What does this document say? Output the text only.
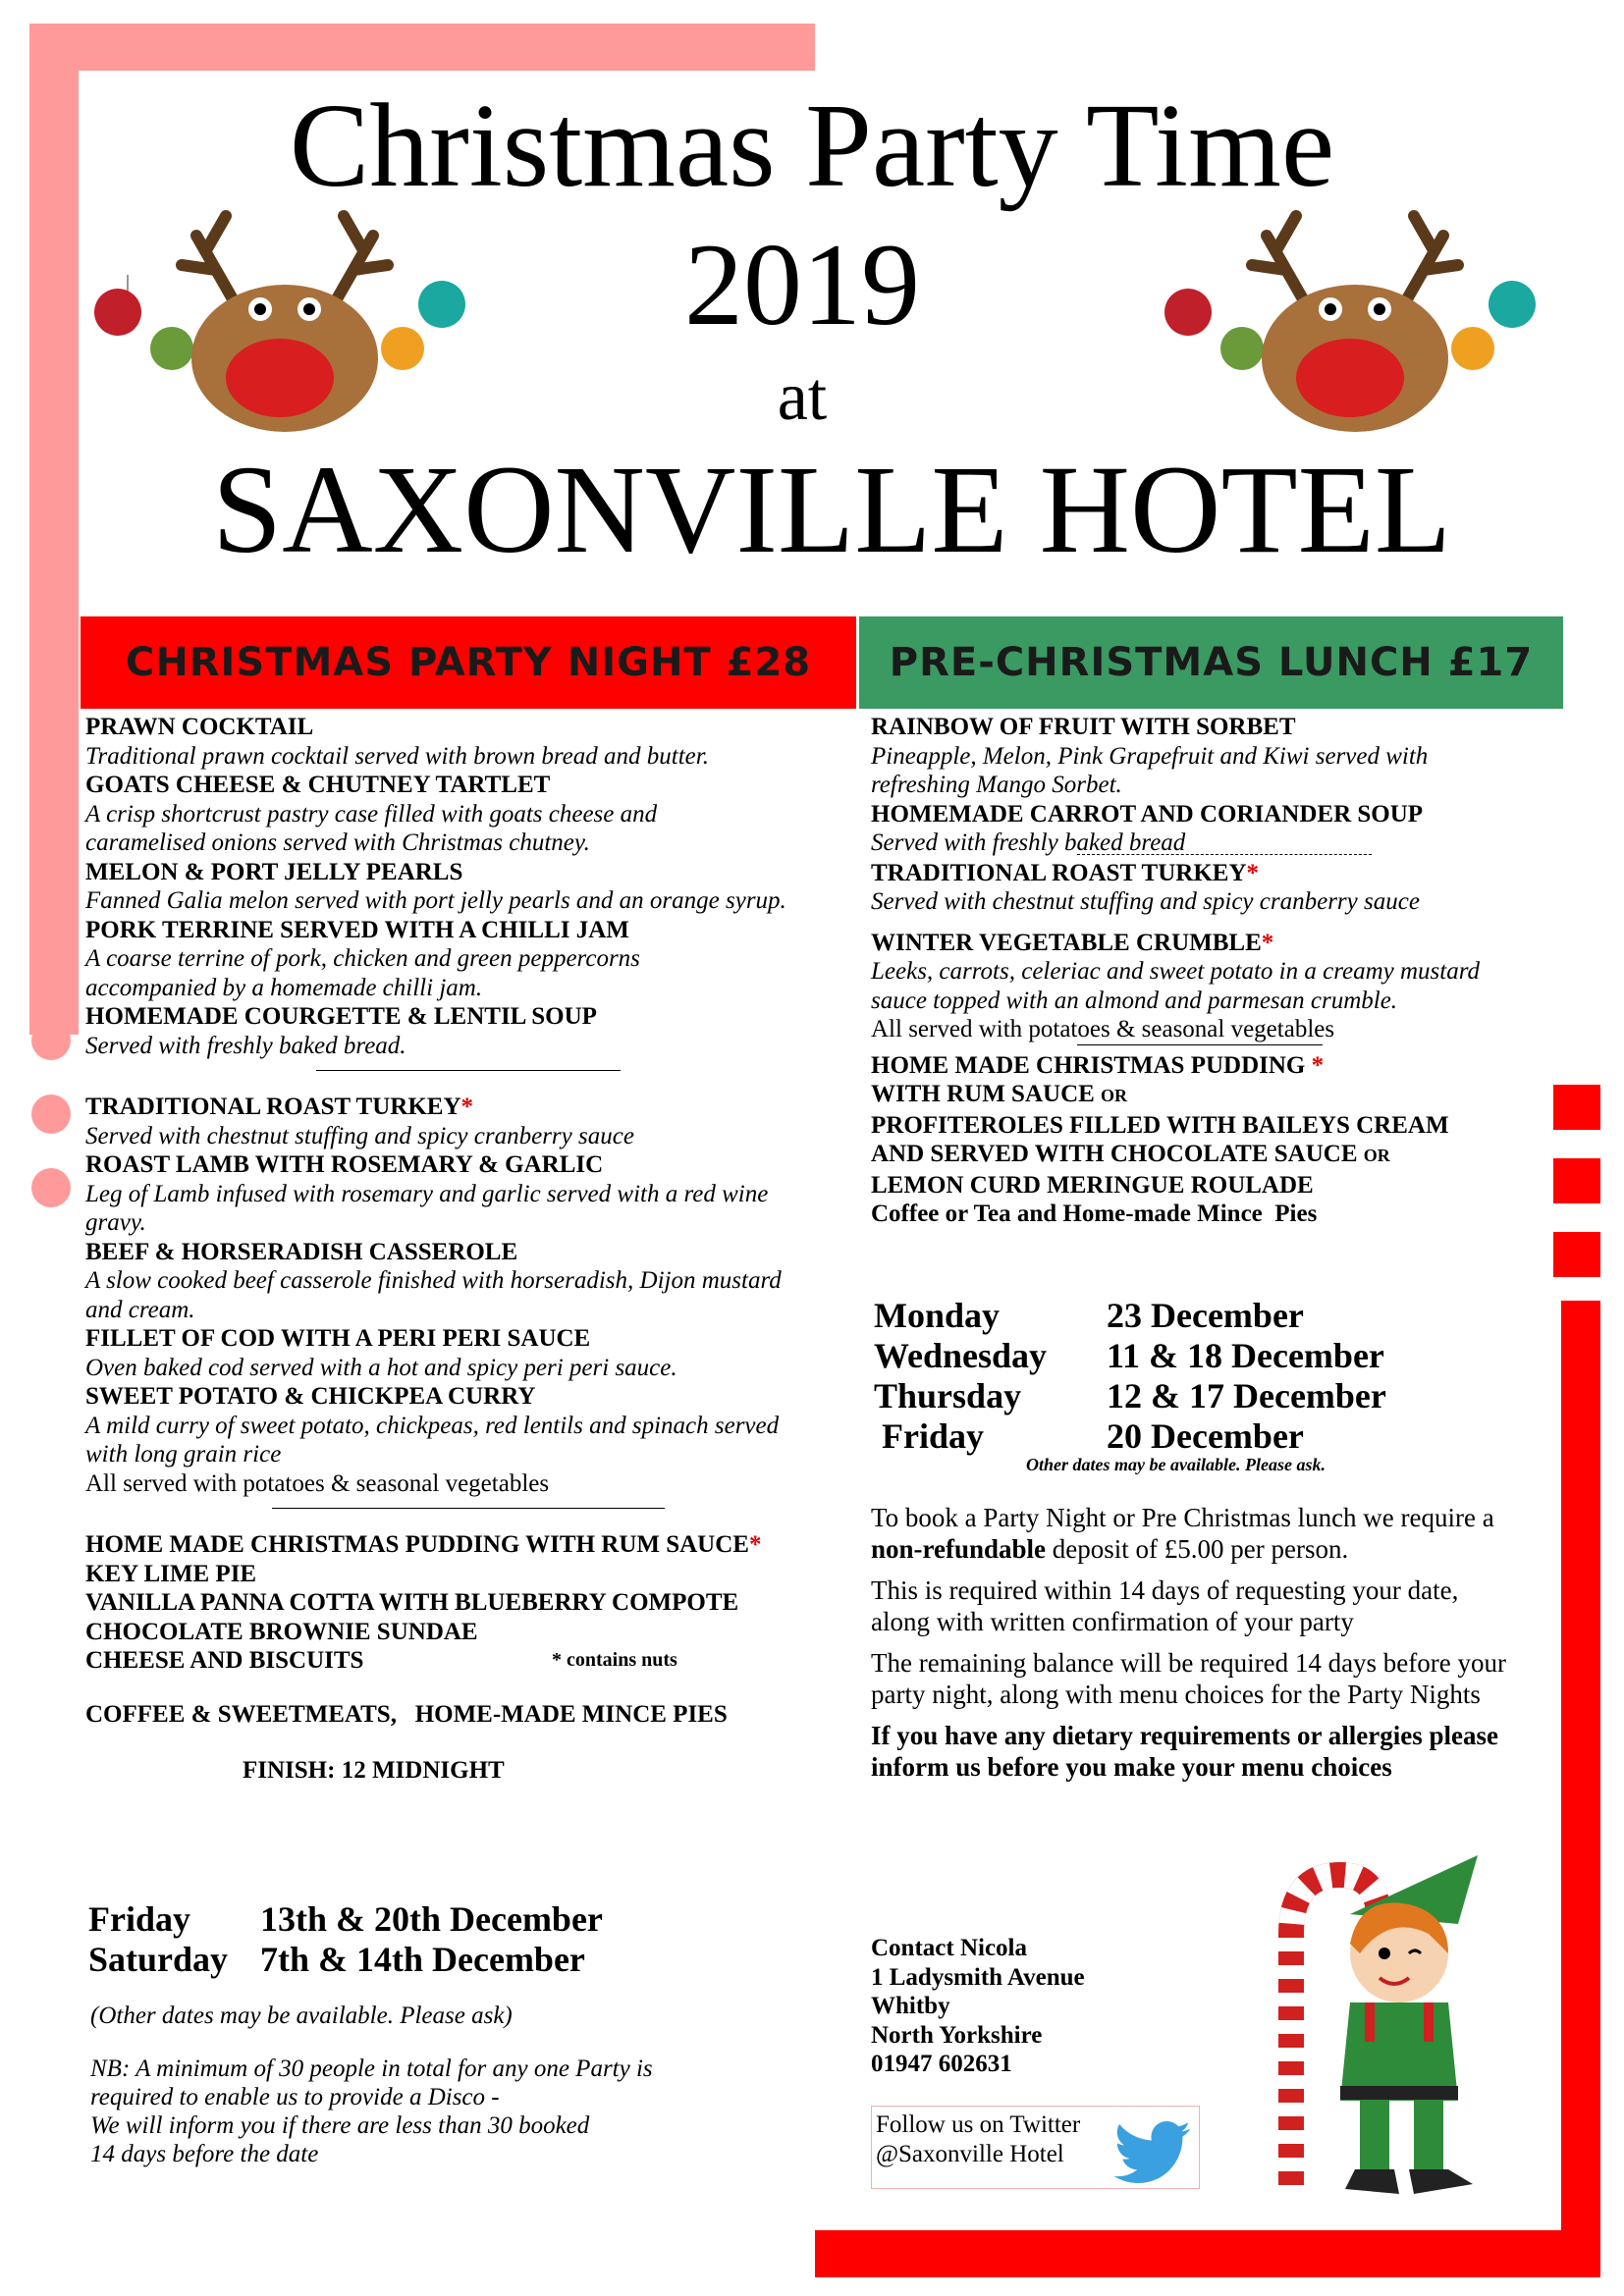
Christmas Party Time
2019
at
SAXONVILLE HOTEL
CHRISTMAS PARTY NIGHT £28	PRE-CHRISTMAS LUNCH £17
PRAWN COCKTAIL
Traditional prawn cocktail served with brown bread and butter.
GOATS CHEESE & CHUTNEY TARTLET
A crisp shortcrust pastry case filled with goats cheese and caramelised onions served with Christmas chutney.
MELON & PORT JELLY PEARLS
Fanned Galia melon served with port jelly pearls and an orange syrup.
PORK TERRINE SERVED WITH A CHILLI JAM
A coarse terrine of pork, chicken and green peppercorns accompanied by a homemade chilli jam.
HOMEMADE COURGETTE & LENTIL SOUP
Served with freshly baked bread.
TRADITIONAL ROAST TURKEY*
Served with chestnut stuffing and spicy cranberry sauce
ROAST LAMB WITH ROSEMARY & GARLIC
Leg of Lamb infused with rosemary and garlic served with a red wine gravy.
BEEF & HORSERADISH CASSEROLE
A slow cooked beef casserole finished with horseradish, Dijon mustard and cream.
FILLET OF COD WITH A PERI PERI SAUCE
Oven baked cod served with a hot and spicy peri peri sauce.
SWEET POTATO & CHICKPEA CURRY
A mild curry of sweet potato, chickpeas, red lentils and spinach served with long grain rice
All served with potatoes & seasonal vegetables
HOME MADE CHRISTMAS PUDDING WITH RUM SAUCE*
KEY LIME PIE
VANILLA PANNA COTTA WITH BLUEBERRY COMPOTE
CHOCOLATE BROWNIE SUNDAE
CHEESE AND BISCUITS	* contains nuts
COFFEE & SWEETMEATS,   HOME-MADE MINCE PIES
FINISH: 12 MIDNIGHT
Friday	13th & 20th December
Saturday	7th & 14th December
(Other dates may be available. Please ask)
NB: A minimum of 30 people in total for any one Party is
required to enable us to provide a Disco -
We will inform you if there are less than 30 booked
14 days before the date
RAINBOW OF FRUIT WITH SORBET
Pineapple, Melon, Pink Grapefruit and Kiwi served with refreshing Mango Sorbet.
HOMEMADE CARROT AND CORIANDER SOUP
Served with freshly baked bread
TRADITIONAL ROAST TURKEY*
Served with chestnut stuffing and spicy cranberry sauce
WINTER VEGETABLE CRUMBLE*
Leeks, carrots, celeriac and sweet potato in a creamy mustard sauce topped with an almond and parmesan crumble.
All served with potatoes & seasonal vegetables
HOME MADE CHRISTMAS PUDDING *
WITH RUM SAUCE OR
PROFITEROLES FILLED WITH BAILEYS CREAM
AND SERVED WITH CHOCOLATE SAUCE OR
LEMON CURD MERINGUE ROULADE
Coffee or Tea and Home-made Mince  Pies
Monday	23 December
Wednesday	11 & 18 December
Thursday	12 & 17 December
Friday	20 December
Other dates may be available. Please ask.

To book a Party Night or Pre Christmas lunch we require a non-refundable deposit of £5.00 per person.

This is required within 14 days of requesting your date, along with written confirmation of your party

The remaining balance will be required 14 days before your party night, along with menu choices for the Party Nights

If you have any dietary requirements or allergies please inform us before you make your menu choices

Contact Nicola
1 Ladysmith Avenue
Whitby
North Yorkshire
01947 602631
Follow us on Twitter
@Saxonville Hotel
